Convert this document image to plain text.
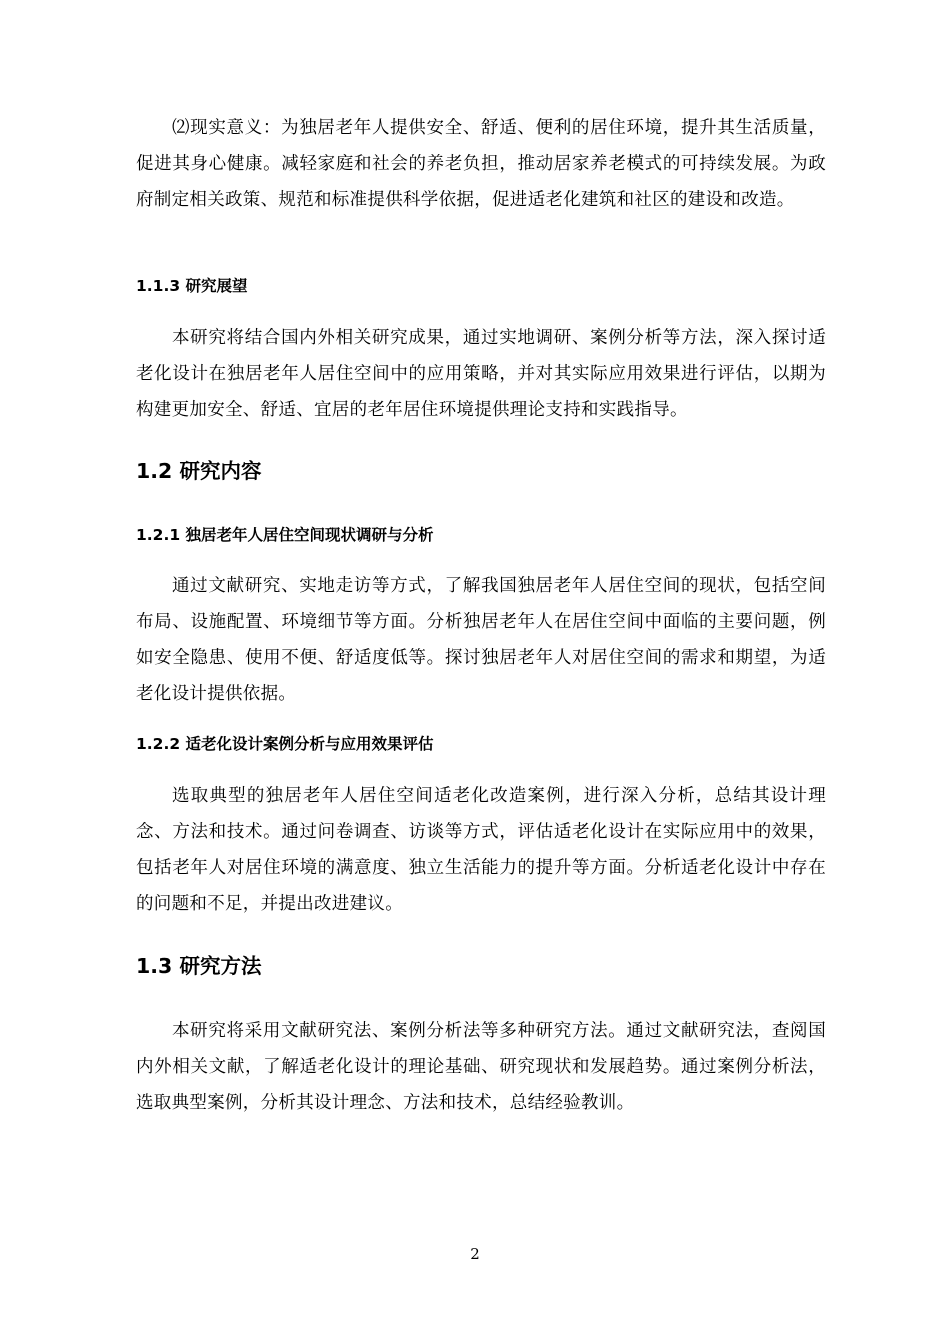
⑵现实意义：为独居老年人提供安全、舒适、便利的居住环境，提升其生活质量，促进其身心健康。减轻家庭和社会的养老负担，推动居家养老模式的可持续发展。为政府制定相关政策、规范和标准提供科学依据，促进适老化建筑和社区的建设和改造。

1.1.3 研究展望

本研究将结合国内外相关研究成果，通过实地调研、案例分析等方法，深入探讨适老化设计在独居老年人居住空间中的应用策略，并对其实际应用效果进行评估，以期为构建更加安全、舒适、宜居的老年居住环境提供理论支持和实践指导。

1.2 研究内容
1.2.1 独居老年人居住空间现状调研与分析

通过文献研究、实地走访等方式，了解我国独居老年人居住空间的现状，包括空间布局、设施配置、环境细节等方面。分析独居老年人在居住空间中面临的主要问题，例如安全隐患、使用不便、舒适度低等。探讨独居老年人对居住空间的需求和期望，为适老化设计提供依据。

1.2.2 适老化设计案例分析与应用效果评估

选取典型的独居老年人居住空间适老化改造案例，进行深入分析，总结其设计理念、方法和技术。通过问卷调查、访谈等方式，评估适老化设计在实际应用中的效果，包括老年人对居住环境的满意度、独立生活能力的提升等方面。分析适老化设计中存在的问题和不足，并提出改进建议。

1.3 研究方法

本研究将采用文献研究法、案例分析法等多种研究方法。通过文献研究法，查阅国内外相关文献，了解适老化设计的理论基础、研究现状和发展趋势。通过案例分析法，选取典型案例，分析其设计理念、方法和技术，总结经验教训。

2
